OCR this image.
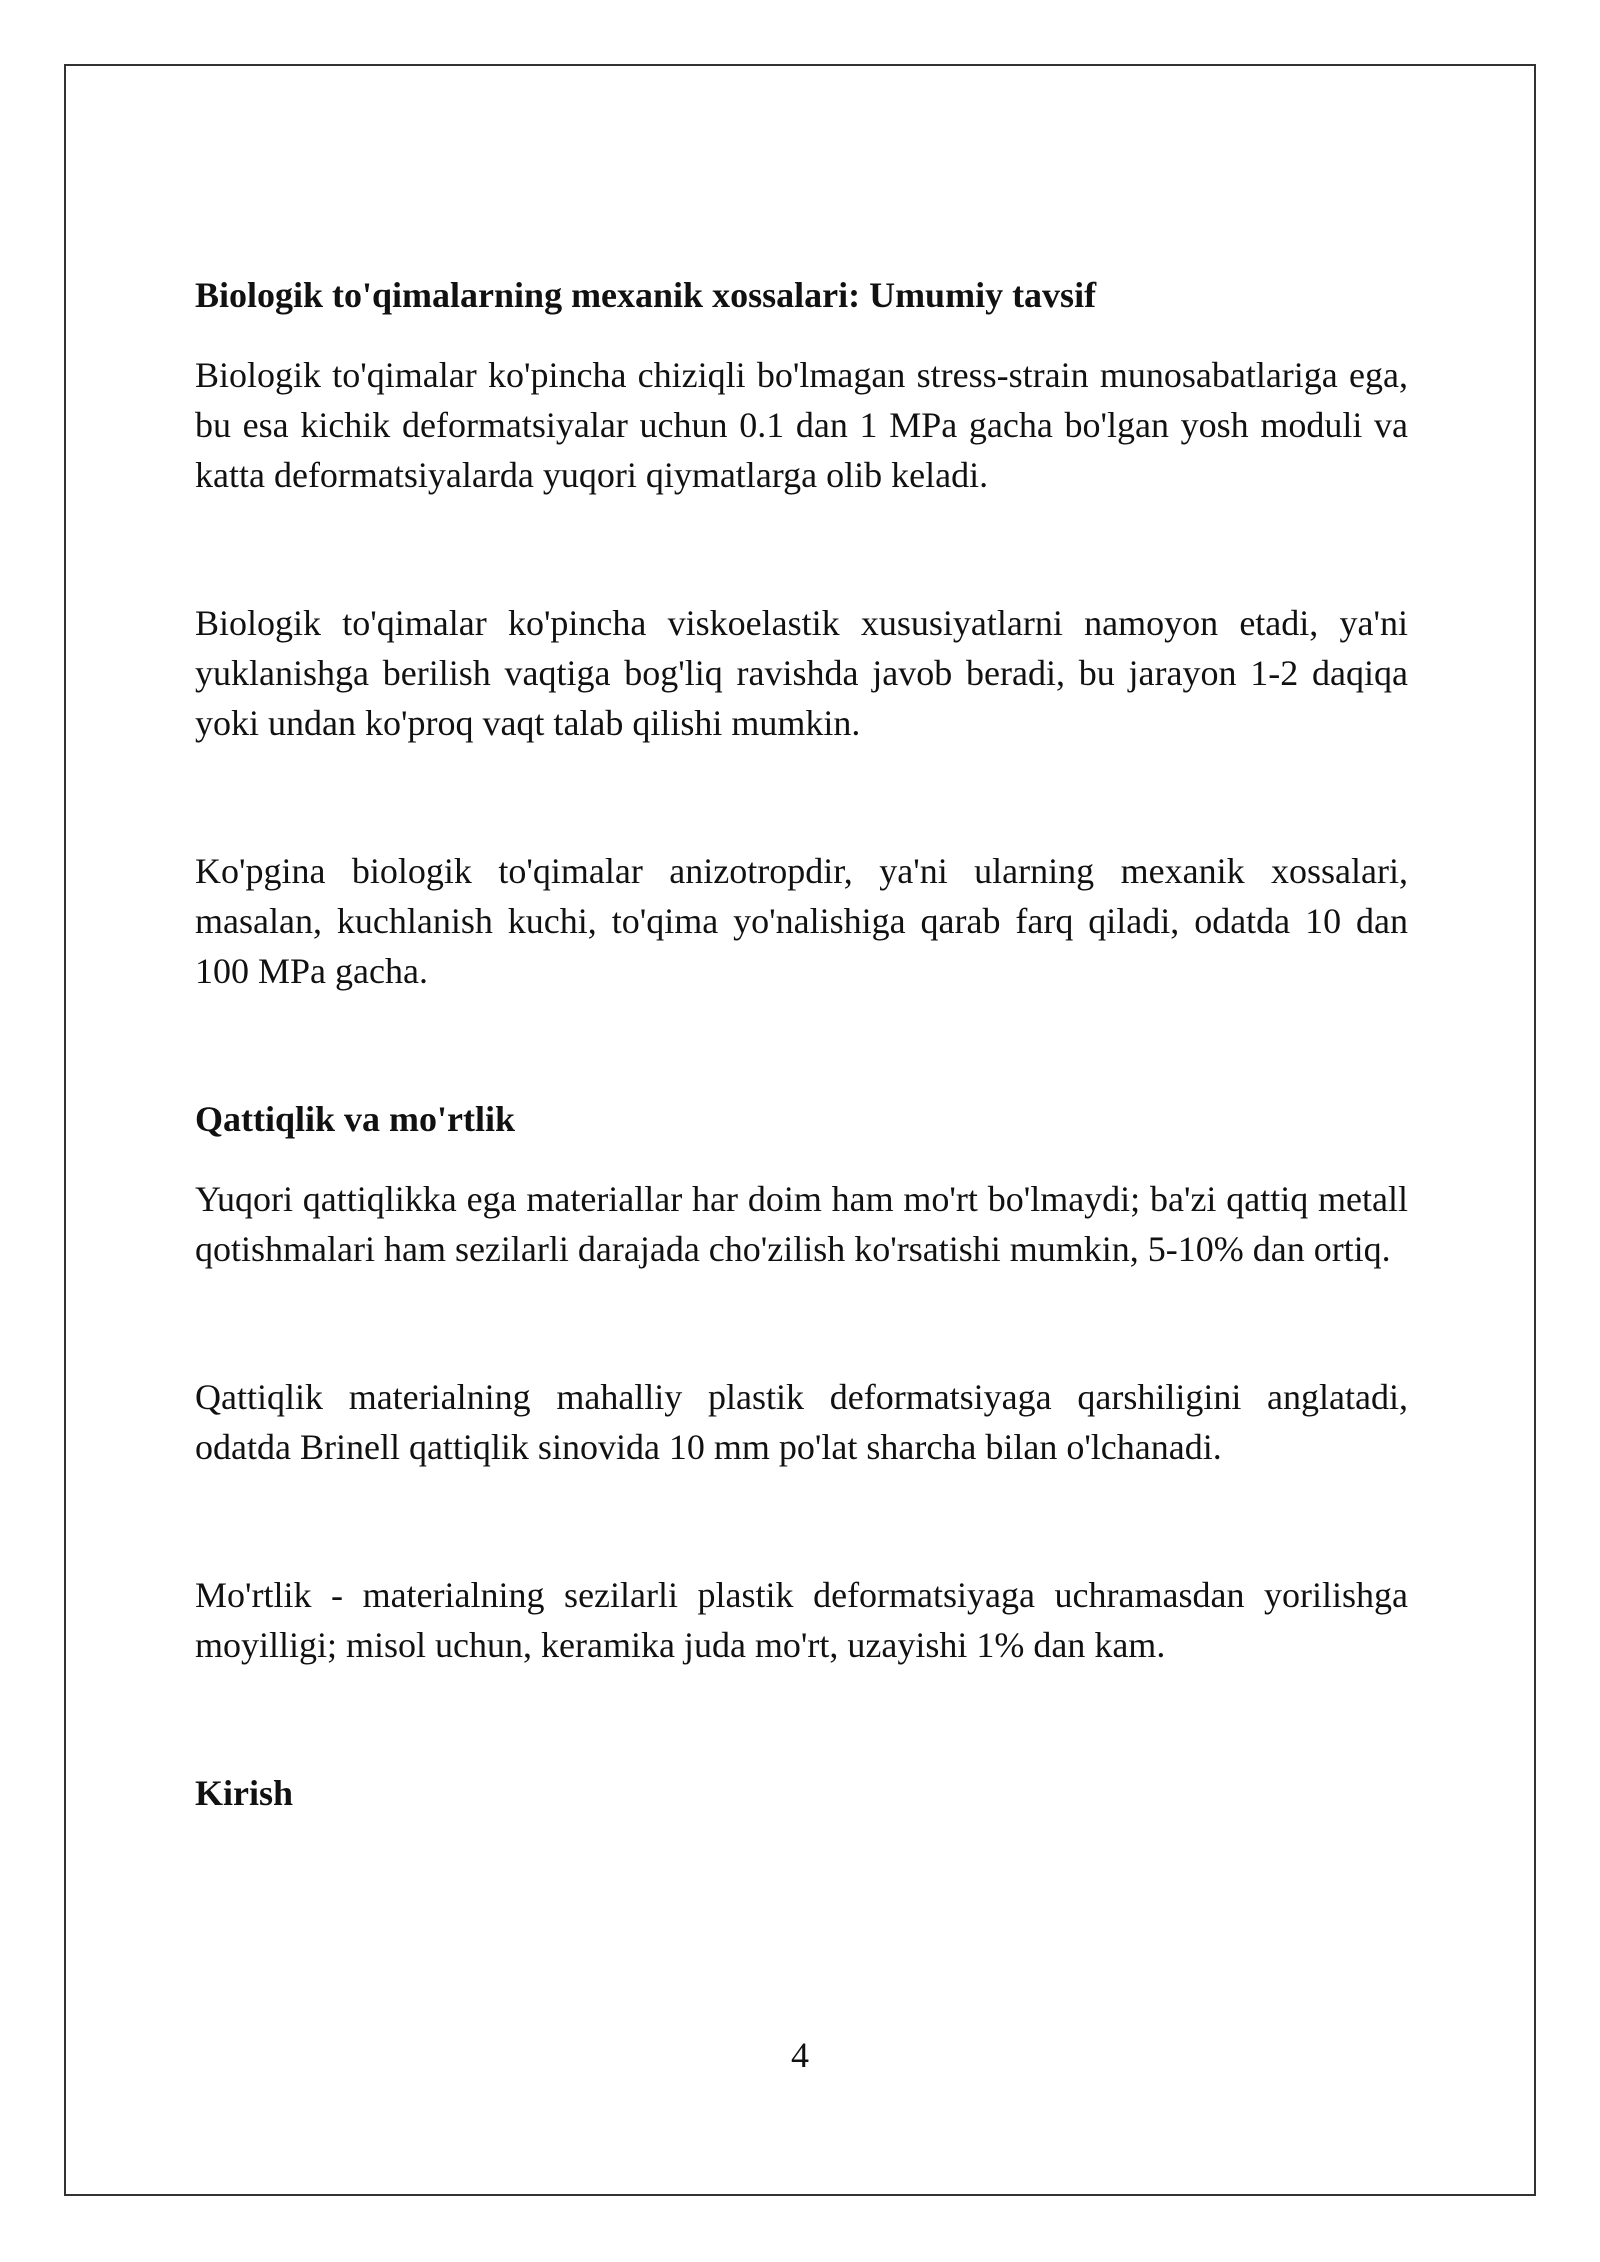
Biologik to'qimalarning mexanik xossalari: Umumiy tavsif

Biologik to'qimalar ko'pincha chiziqli bo'lmagan stress-strain munosabatlariga ega, bu esa kichik deformatsiyalar uchun 0.1 dan 1 MPa gacha bo'lgan yosh moduli va katta deformatsiyalarda yuqori qiymatlarga olib keladi.

Biologik to'qimalar ko'pincha viskoelastik xususiyatlarni namoyon etadi, ya'ni yuklanishga berilish vaqtiga bog'liq ravishda javob beradi, bu jarayon 1-2 daqiqa yoki undan ko'proq vaqt talab qilishi mumkin.

Ko'pgina biologik to'qimalar anizotropdir, ya'ni ularning mexanik xossalari, masalan, kuchlanish kuchi, to'qima yo'nalishiga qarab farq qiladi, odatda 10 dan 100 MPa gacha.

Qattiqlik va mo'rtlik

Yuqori qattiqlikka ega materiallar har doim ham mo'rt bo'lmaydi; ba'zi qattiq metall qotishmalari ham sezilarli darajada cho'zilish ko'rsatishi mumkin, 5-10% dan ortiq.

Qattiqlik materialning mahalliy plastik deformatsiyaga qarshiligini anglatadi, odatda Brinell qattiqlik sinovida 10 mm po'lat sharcha bilan o'lchanadi.

Mo'rtlik - materialning sezilarli plastik deformatsiyaga uchramasdan yorilishga moyilligi; misol uchun, keramika juda mo'rt, uzayishi 1% dan kam.

Kirish
4
